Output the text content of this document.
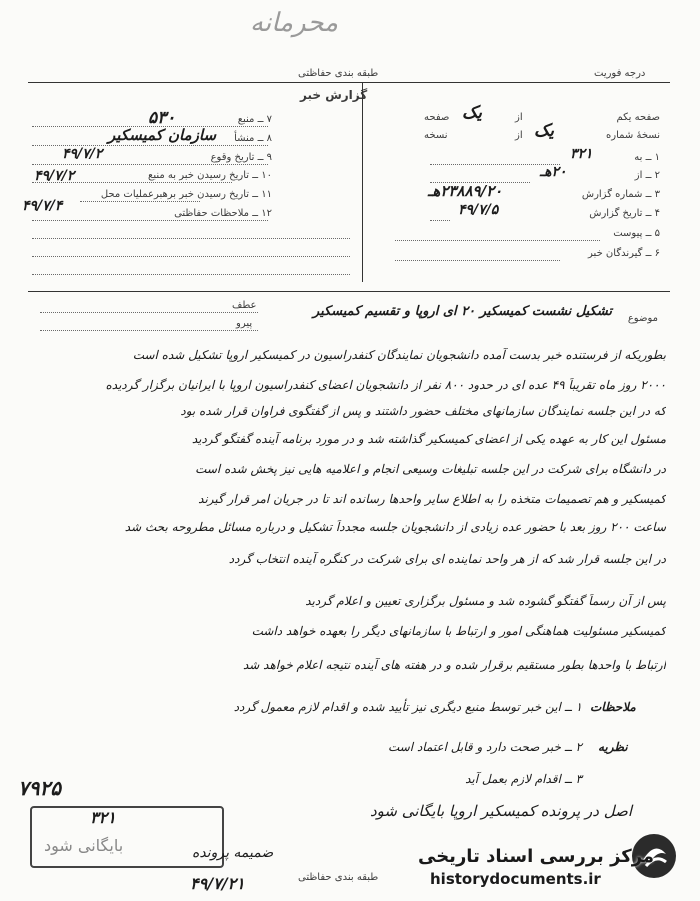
محرمانه
طبقه بندی حفاظتی
گزارش خبر
درجه فوریت
۷ ــ منبع
۵۳۰
۸ ــ منشأ
سازمان کمیسکیر
۹ ــ تاریخ وقوع
۴۹/۷/۲
۱۰ ــ تاریخ رسیدن خبر به منبع
۴۹/۷/۲
۱۱ ــ تاریخ رسیدن خبر برهبرعملیات محل
۱۲ ــ ملاحظات حفاظتی
۴۹/۷/۴
صفحه یکم
از
صفحه یک
نسخهٔ شماره
از
نسخه	یک
۱ ــ به
۳۲۱
۲ ــ از
۲۰هـ
۳ ــ شماره گزارش
۲۳۸۸۹/۲۰هـ
۴ ــ تاریخ گزارش
۴۹/۷/۵
۵ ــ پیوست
۶ ــ گیرندگان خبر
موضوع
تشکیل نشست کمیسکیر ۲۰ ای اروپا و تقسیم کمیسکیر
عطف
پیرو
بطوریکه از فرستنده خبر بدست آمده دانشجویان نمایندگان کنفدراسیون در کمیسکیر اروپا تشکیل شده است
۲۰۰۰ روز ماه تقریباً ۴۹ عده ای در حدود ۸۰۰ نفر از دانشجویان اعضای کنفدراسیون اروپا با ایرانیان برگزار گردیده
که در این جلسه نمایندگان سازمانهای مختلف حضور داشتند و پس از گفتگوی فراوان قرار شده بود
مسئول این کار به عهده یکی از اعضای کمیسکیر گذاشته شد و در مورد برنامه آینده گفتگو گردید
در دانشگاه برای شرکت در این جلسه تبلیغات وسیعی انجام و اعلامیه هایی نیز پخش شده است
کمیسکیر و هم تصمیمات متخذه را به اطلاع سایر واحدها رسانده اند تا در جریان امر قرار گیرند
ساعت ۲۰۰ روز بعد با حضور عده زیادی از دانشجویان جلسه مجدداً تشکیل و درباره مسائل مطروحه بحث شد
در این جلسه قرار شد که از هر واحد نماینده ای برای شرکت در کنگره آینده انتخاب گردد
پس از آن رسماً گفتگو گشوده شد و مسئول برگزاری تعیین و اعلام گردید
کمیسکیر مسئولیت هماهنگی امور و ارتباط با سازمانهای دیگر را بعهده خواهد داشت
ارتباط با واحدها بطور مستقیم برقرار شده و در هفته های آینده نتیجه اعلام خواهد شد
ملاحظات
۱ ــ این خبر توسط منبع دیگری نیز تأیید شده و اقدام لازم معمول گردد
نظریه
۲ ــ خبر صحت دارد و قابل اعتماد است
۳ ــ اقدام لازم بعمل آید
۷۹۲۵
۳۲۱
بایگانی شود
اصل در پرونده کمیسکیر اروپا بایگانی شود
ضمیمه پرونده
۴۹/۷/۲۱	طبقه بندی حفاظتی
مرکز بررسی اسناد تاریخی
historydocuments.ir
